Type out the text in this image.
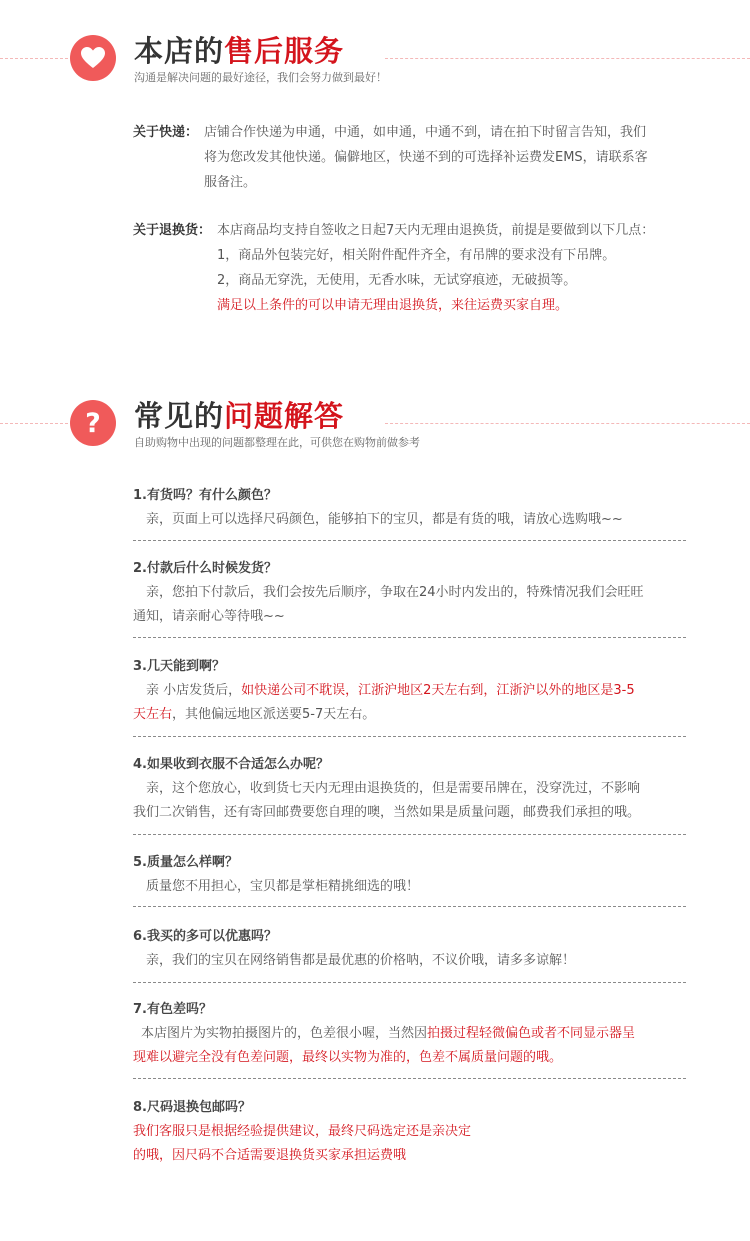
本店的售后服务
沟通是解决问题的最好途径，我们会努力做到最好！
关于快递： 店铺合作快递为申通，中通，如申通，中通不到，请在拍下时留言告知，我们
将为您改发其他快递。偏僻地区，快递不到的可选择补运费发EMS，请联系客
服备注。
关于退换货： 本店商品均支持自签收之日起7天内无理由退换货，前提是要做到以下几点：
1，商品外包装完好，相关附件配件齐全，有吊牌的要求没有下吊牌。
2，商品无穿洗，无使用，无香水味，无试穿痕迹，无破损等。
满足以上条件的可以申请无理由退换货，来往运费买家自理。
? 常见的问题解答
自助购物中出现的问题都整理在此，可供您在购物前做参考
1.有货吗？有什么颜色？
亲，页面上可以选择尺码颜色，能够拍下的宝贝，都是有货的哦，请放心选购哦~~
2.付款后什么时候发货？
亲，您拍下付款后，我们会按先后顺序，争取在24小时内发出的，特殊情况我们会旺旺
通知，请亲耐心等待哦~~
3.几天能到啊？
亲 小店发货后，如快递公司不耽误，江浙沪地区2天左右到，江浙沪以外的地区是3-5
天左右，其他偏远地区派送要5-7天左右。
4.如果收到衣服不合适怎么办呢？
亲，这个您放心，收到货七天内无理由退换货的，但是需要吊牌在，没穿洗过，不影响
我们二次销售，还有寄回邮费要您自理的噢，当然如果是质量问题，邮费我们承担的哦。
5.质量怎么样啊？
质量您不用担心，宝贝都是掌柜精挑细选的哦！
6.我买的多可以优惠吗？
亲，我们的宝贝在网络销售都是最优惠的价格呐，不议价哦，请多多谅解！
7.有色差吗？
本店图片为实物拍摄图片的，色差很小喔，当然因拍摄过程轻微偏色或者不同显示器呈
现难以避完全没有色差问题，最终以实物为准的，色差不属质量问题的哦。
8.尺码退换包邮吗？
我们客服只是根据经验提供建议，最终尺码选定还是亲决定
的哦，因尺码不合适需要退换货买家承担运费哦
